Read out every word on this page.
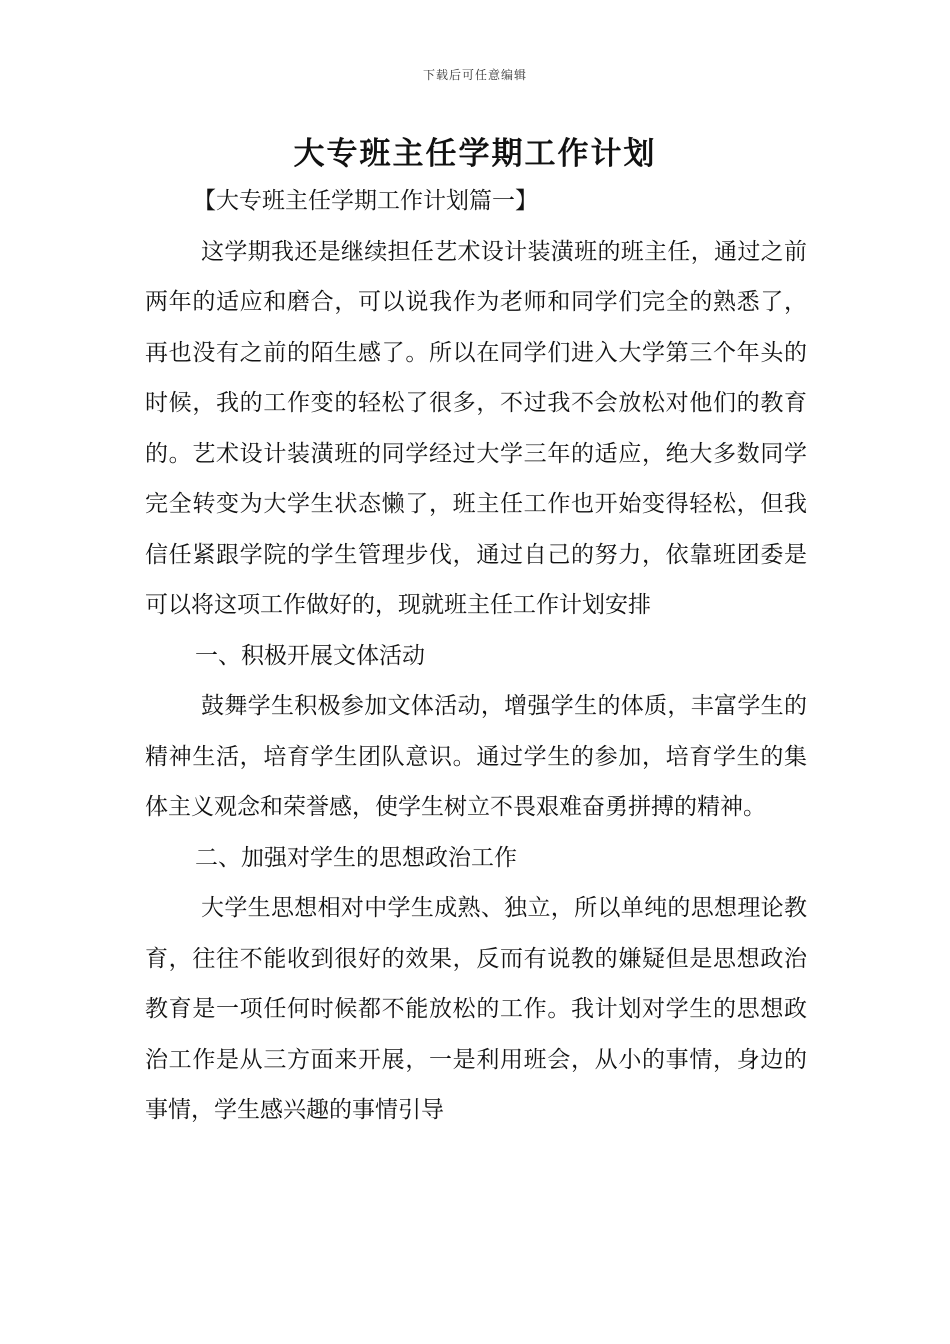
下载后可任意编辑
大专班主任学期工作计划

【大专班主任学期工作计划篇一】

这学期我还是继续担任艺术设计装潢班的班主任，通过之前两年的适应和磨合，可以说我作为老师和同学们完全的熟悉了，再也没有之前的陌生感了。所以在同学们进入大学第三个年头的时候，我的工作变的轻松了很多，不过我不会放松对他们的教育的。艺术设计装潢班的同学经过大学三年的适应，绝大多数同学完全转变为大学生状态懒了，班主任工作也开始变得轻松，但我信任紧跟学院的学生管理步伐，通过自己的努力，依靠班团委是可以将这项工作做好的，现就班主任工作计划安排

一、积极开展文体活动

鼓舞学生积极参加文体活动，增强学生的体质，丰富学生的精神生活，培育学生团队意识。通过学生的参加，培育学生的集体主义观念和荣誉感，使学生树立不畏艰难奋勇拼搏的精神。

二、加强对学生的思想政治工作

大学生思想相对中学生成熟、独立，所以单纯的思想理论教育，往往不能收到很好的效果，反而有说教的嫌疑但是思想政治教育是一项任何时候都不能放松的工作。我计划对学生的思想政治工作是从三方面来开展，一是利用班会，从小的事情，身边的事情，学生感兴趣的事情引导
